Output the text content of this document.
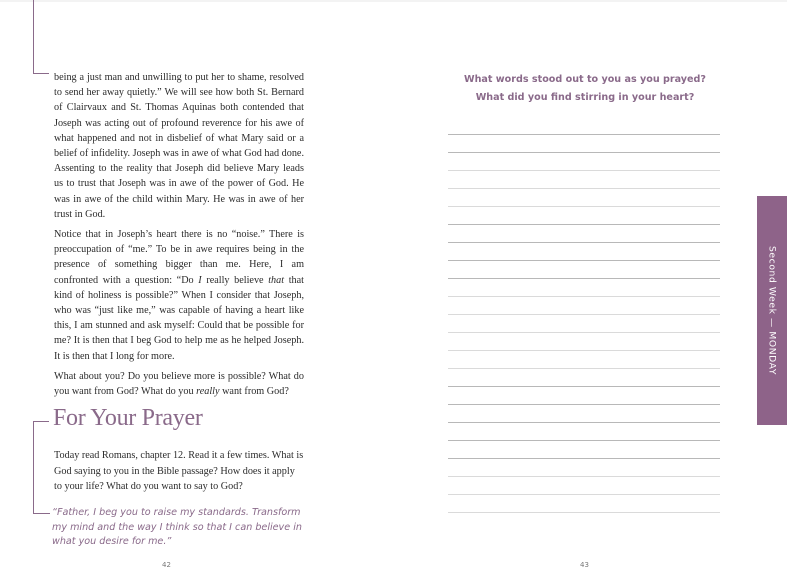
being a just man and unwilling to put her to shame, resolved to send her away quietly.” We will see how both St. Bernard of Clairvaux and St. Thomas Aquinas both contended that Joseph was acting out of profound reverence for his awe of what happened and not in disbelief of what Mary said or a belief of infidelity. Joseph was in awe of what God had done. Assenting to the reality that Joseph did believe Mary leads us to trust that Joseph was in awe of the power of God. He was in awe of the child within Mary. He was in awe of her trust in God.

Notice that in Joseph’s heart there is no “noise.” There is preoccupation of “me.” To be in awe requires being in the presence of something bigger than me. Here, I am confronted with a question: “Do I really believe that that kind of holiness is possible?” When I consider that Joseph, who was “just like me,” was capable of having a heart like this, I am stunned and ask myself: Could that be possible for me? It is then that I beg God to help me as he helped Joseph. It is then that I long for more.

What about you? Do you believe more is possible? What do you want from God? What do you really want from God?

For Your Prayer
Today read Romans, chapter 12. Read it a few times. What is God saying to you in the Bible passage? How does it apply to your life? What do you want to say to God?
“Father, I beg you to raise my standards. Transform my mind and the way I think so that I can believe in what you desire for me.”
42
What words stood out to you as you prayed?
What did you find stirring in your heart?
43
Second Week — MONDAY
